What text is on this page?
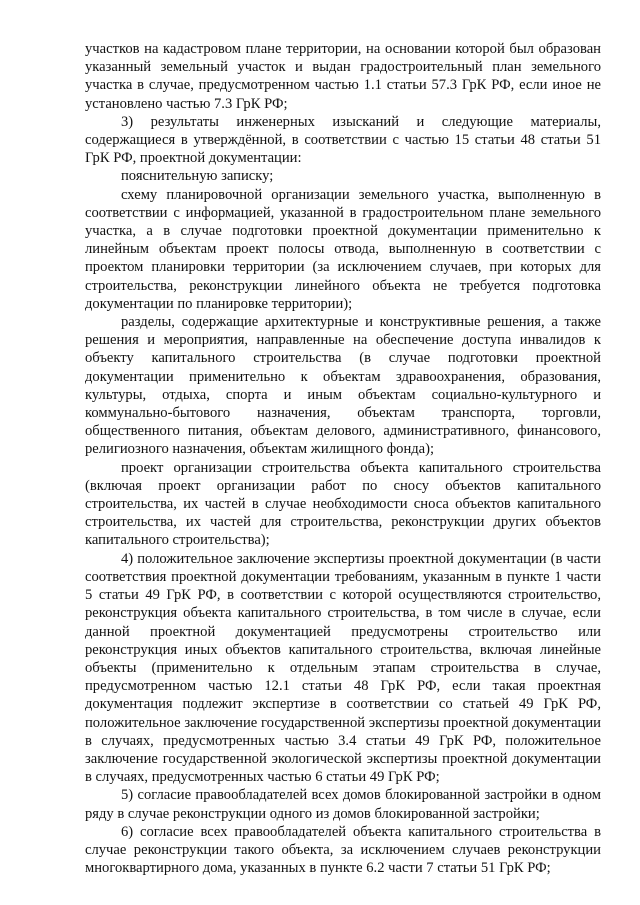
участков на кадастровом плане территории, на основании которой был образован указанный земельный участок и выдан градостроительный план земельного участка в случае, предусмотренном частью 1.1 статьи 57.3 ГрК РФ, если иное не установлено частью 7.3 ГрК РФ;

3) результаты инженерных изысканий и следующие материалы, содержащиеся в утверждённой, в соответствии с частью 15 статьи 48 статьи 51 ГрК РФ, проектной документации:

пояснительную записку;

схему планировочной организации земельного участка, выполненную в соответствии с информацией, указанной в градостроительном плане земельного участка, а в случае подготовки проектной документации применительно к линейным объектам проект полосы отвода, выполненную в соответствии с проектом планировки территории (за исключением случаев, при которых для строительства, реконструкции линейного объекта не требуется подготовка документации по планировке территории);

разделы, содержащие архитектурные и конструктивные решения, а также решения и мероприятия, направленные на обеспечение доступа инвалидов к объекту капитального строительства (в случае подготовки проектной документации применительно к объектам здравоохранения, образования, культуры, отдыха, спорта и иным объектам социально-культурного и коммунально-бытового назначения, объектам транспорта, торговли, общественного питания, объектам делового, административного, финансового, религиозного назначения, объектам жилищного фонда);

проект организации строительства объекта капитального строительства (включая проект организации работ по сносу объектов капитального строительства, их частей в случае необходимости сноса объектов капитального строительства, их частей для строительства, реконструкции других объектов капитального строительства);

4) положительное заключение экспертизы проектной документации (в части соответствия проектной документации требованиям, указанным в пункте 1 части 5 статьи 49 ГрК РФ, в соответствии с которой осуществляются строительство, реконструкция объекта капитального строительства, в том числе в случае, если данной проектной документацией предусмотрены строительство или реконструкция иных объектов капитального строительства, включая линейные объекты (применительно к отдельным этапам строительства в случае, предусмотренном частью 12.1 статьи 48 ГрК РФ, если такая проектная документация подлежит экспертизе в соответствии со статьей 49 ГрК РФ, положительное заключение государственной экспертизы проектной документации в случаях, предусмотренных частью 3.4 статьи 49 ГрК РФ, положительное заключение государственной экологической экспертизы проектной документации в случаях, предусмотренных частью 6 статьи 49 ГрК РФ;

5) согласие правообладателей всех домов блокированной застройки в одном ряду в случае реконструкции одного из домов блокированной застройки;

6) согласие всех правообладателей объекта капитального строительства в случае реконструкции такого объекта, за исключением случаев реконструкции многоквартирного дома, указанных в пункте 6.2 части 7 статьи 51 ГрК РФ;
